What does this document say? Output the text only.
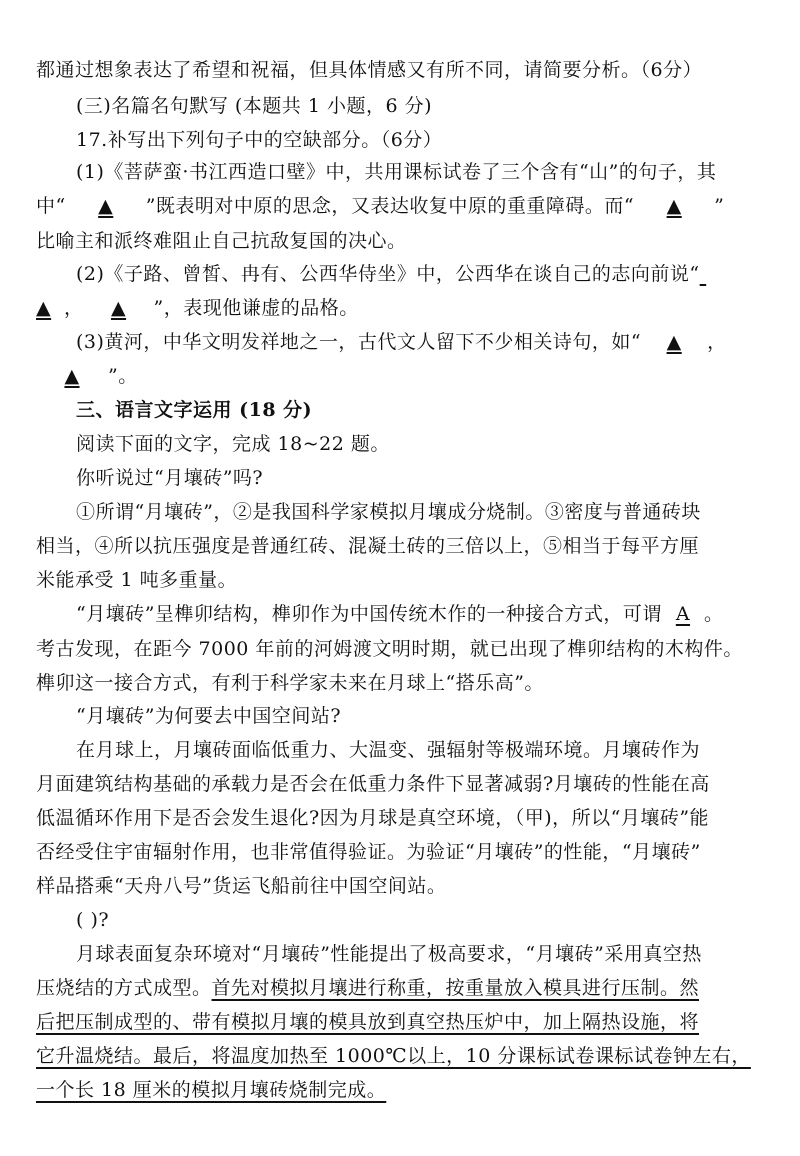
都通过想象表达了希望和祝福，但具体情感又有所不同，请简要分析。（6分）
(三)名篇名句默写 (本题共 1 小题，6 分)
17.补写出下列句子中的空缺部分。（6分）
(1)《菩萨蛮·书江西造口壁》中，共用课标试卷了三个含有“山”的句子，其
中“ ▲ ”既表明对中原的思念，又表达收复中原的重重障碍。而“ ▲ ”
比喻主和派终难阻止自己抗敌复国的决心。
(2)《子路、曾皙、冉有、公西华侍坐》中，公西华在谈自己的志向前说“
▲ ， ▲ ”，表现他谦虚的品格。
(3)黄河，中华文明发祥地之一，古代文人留下不少相关诗句，如“ ▲ ，
▲ ”。
三、语言文字运用 (18 分)
阅读下面的文字，完成 18~22 题。
你听说过“月壤砖”吗?
①所谓“月壤砖”，②是我国科学家模拟月壤成分烧制。③密度与普通砖块
相当，④所以抗压强度是普通红砖、混凝土砖的三倍以上，⑤相当于每平方厘
米能承受 1 吨多重量。
“月壤砖”呈榫卯结构，榫卯作为中国传统木作的一种接合方式，可谓 A 。
考古发现，在距今 7000 年前的河姆渡文明时期，就已出现了榫卯结构的木构件。
榫卯这一接合方式，有利于科学家未来在月球上“搭乐高”。
“月壤砖”为何要去中国空间站?
在月球上，月壤砖面临低重力、大温变、强辐射等极端环境。月壤砖作为
月面建筑结构基础的承载力是否会在低重力条件下显著减弱?月壤砖的性能在高
低温循环作用下是否会发生退化?因为月球是真空环境，（甲)，所以“月壤砖”能
否经受住宇宙辐射作用，也非常值得验证。为验证“月壤砖”的性能，“月壤砖”
样品搭乘“天舟八号”货运飞船前往中国空间站。
( )?
月球表面复杂环境对“月壤砖”性能提出了极高要求，“月壤砖”采用真空热
压烧结的方式成型。首先对模拟月壤进行称重，按重量放入模具进行压制。然
后把压制成型的、带有模拟月壤的模具放到真空热压炉中，加上隔热设施，将
它升温烧结。最后，将温度加热至 1000℃以上，10 分课标试卷课标试卷钟左右，
一个长 18 厘米的模拟月壤砖烧制完成。
